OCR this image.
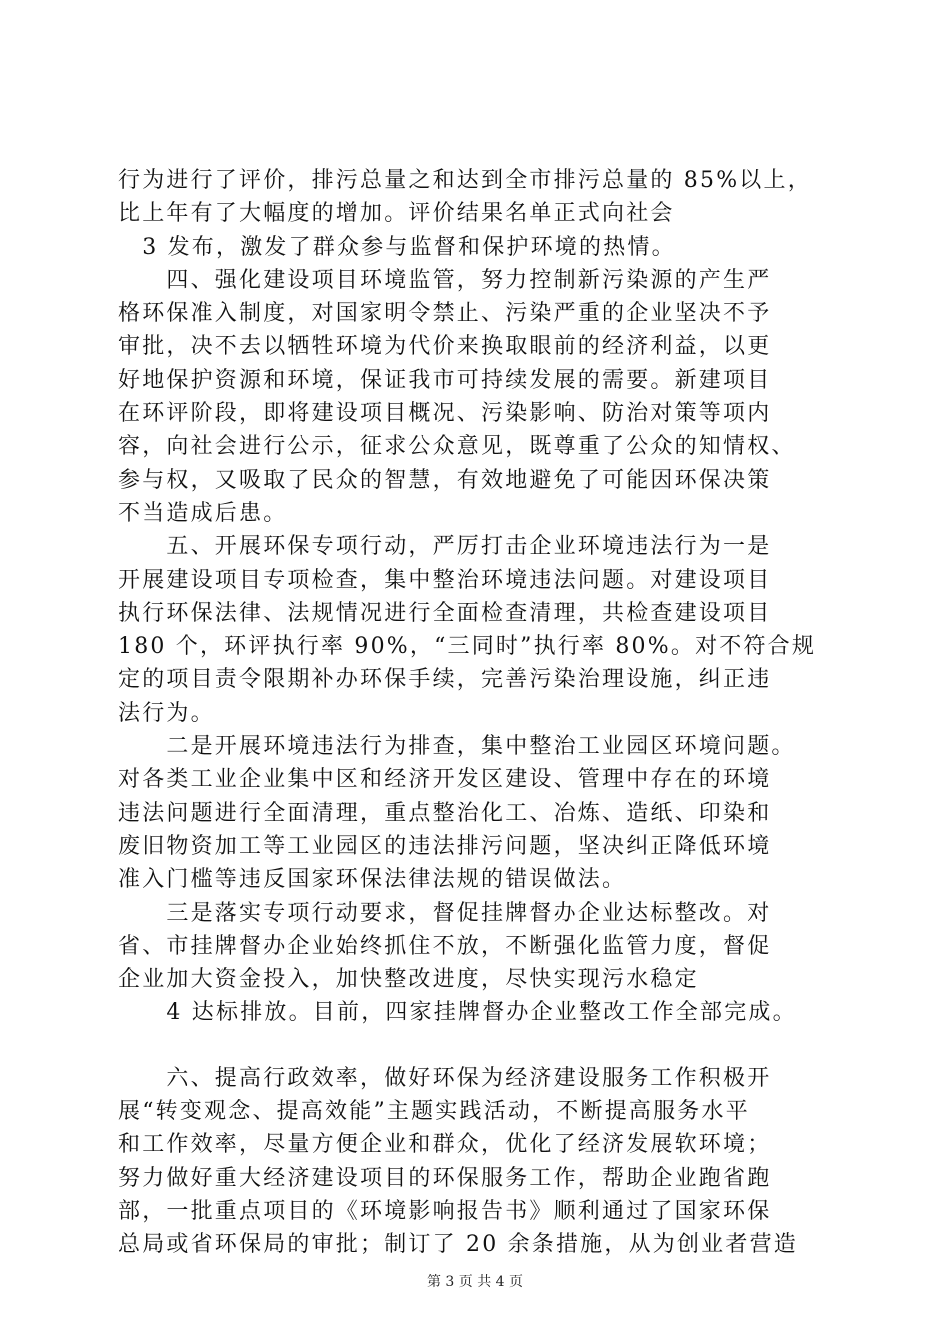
行为进行了评价，排污总量之和达到全市排污总量的 85%以上，
比上年有了大幅度的增加。评价结果名单正式向社会
　3 发布，激发了群众参与监督和保护环境的热情。
　　四、强化建设项目环境监管，努力控制新污染源的产生严
格环保准入制度，对国家明令禁止、污染严重的企业坚决不予
审批，决不去以牺牲环境为代价来换取眼前的经济利益，以更
好地保护资源和环境，保证我市可持续发展的需要。新建项目
在环评阶段，即将建设项目概况、污染影响、防治对策等项内
容，向社会进行公示，征求公众意见，既尊重了公众的知情权、
参与权，又吸取了民众的智慧，有效地避免了可能因环保决策
不当造成后患。
　　五、开展环保专项行动，严厉打击企业环境违法行为一是
开展建设项目专项检查，集中整治环境违法问题。对建设项目
执行环保法律、法规情况进行全面检查清理，共检查建设项目
180 个，环评执行率 90%，“三同时”执行率 80%。对不符合规
定的项目责令限期补办环保手续，完善污染治理设施，纠正违
法行为。
　　二是开展环境违法行为排查，集中整治工业园区环境问题。
对各类工业企业集中区和经济开发区建设、管理中存在的环境
违法问题进行全面清理，重点整治化工、冶炼、造纸、印染和
废旧物资加工等工业园区的违法排污问题，坚决纠正降低环境
准入门槛等违反国家环保法律法规的错误做法。
　　三是落实专项行动要求，督促挂牌督办企业达标整改。对
省、市挂牌督办企业始终抓住不放，不断强化监管力度，督促
企业加大资金投入，加快整改进度，尽快实现污水稳定
　　4 达标排放。目前，四家挂牌督办企业整改工作全部完成。
　　六、提高行政效率，做好环保为经济建设服务工作积极开
展“转变观念、提高效能”主题实践活动，不断提高服务水平
和工作效率，尽量方便企业和群众，优化了经济发展软环境；
努力做好重大经济建设项目的环保服务工作，帮助企业跑省跑
部，一批重点项目的《环境影响报告书》顺利通过了国家环保
总局或省环保局的审批；制订了 20 余条措施，从为创业者营造
第 3 页 共 4 页
